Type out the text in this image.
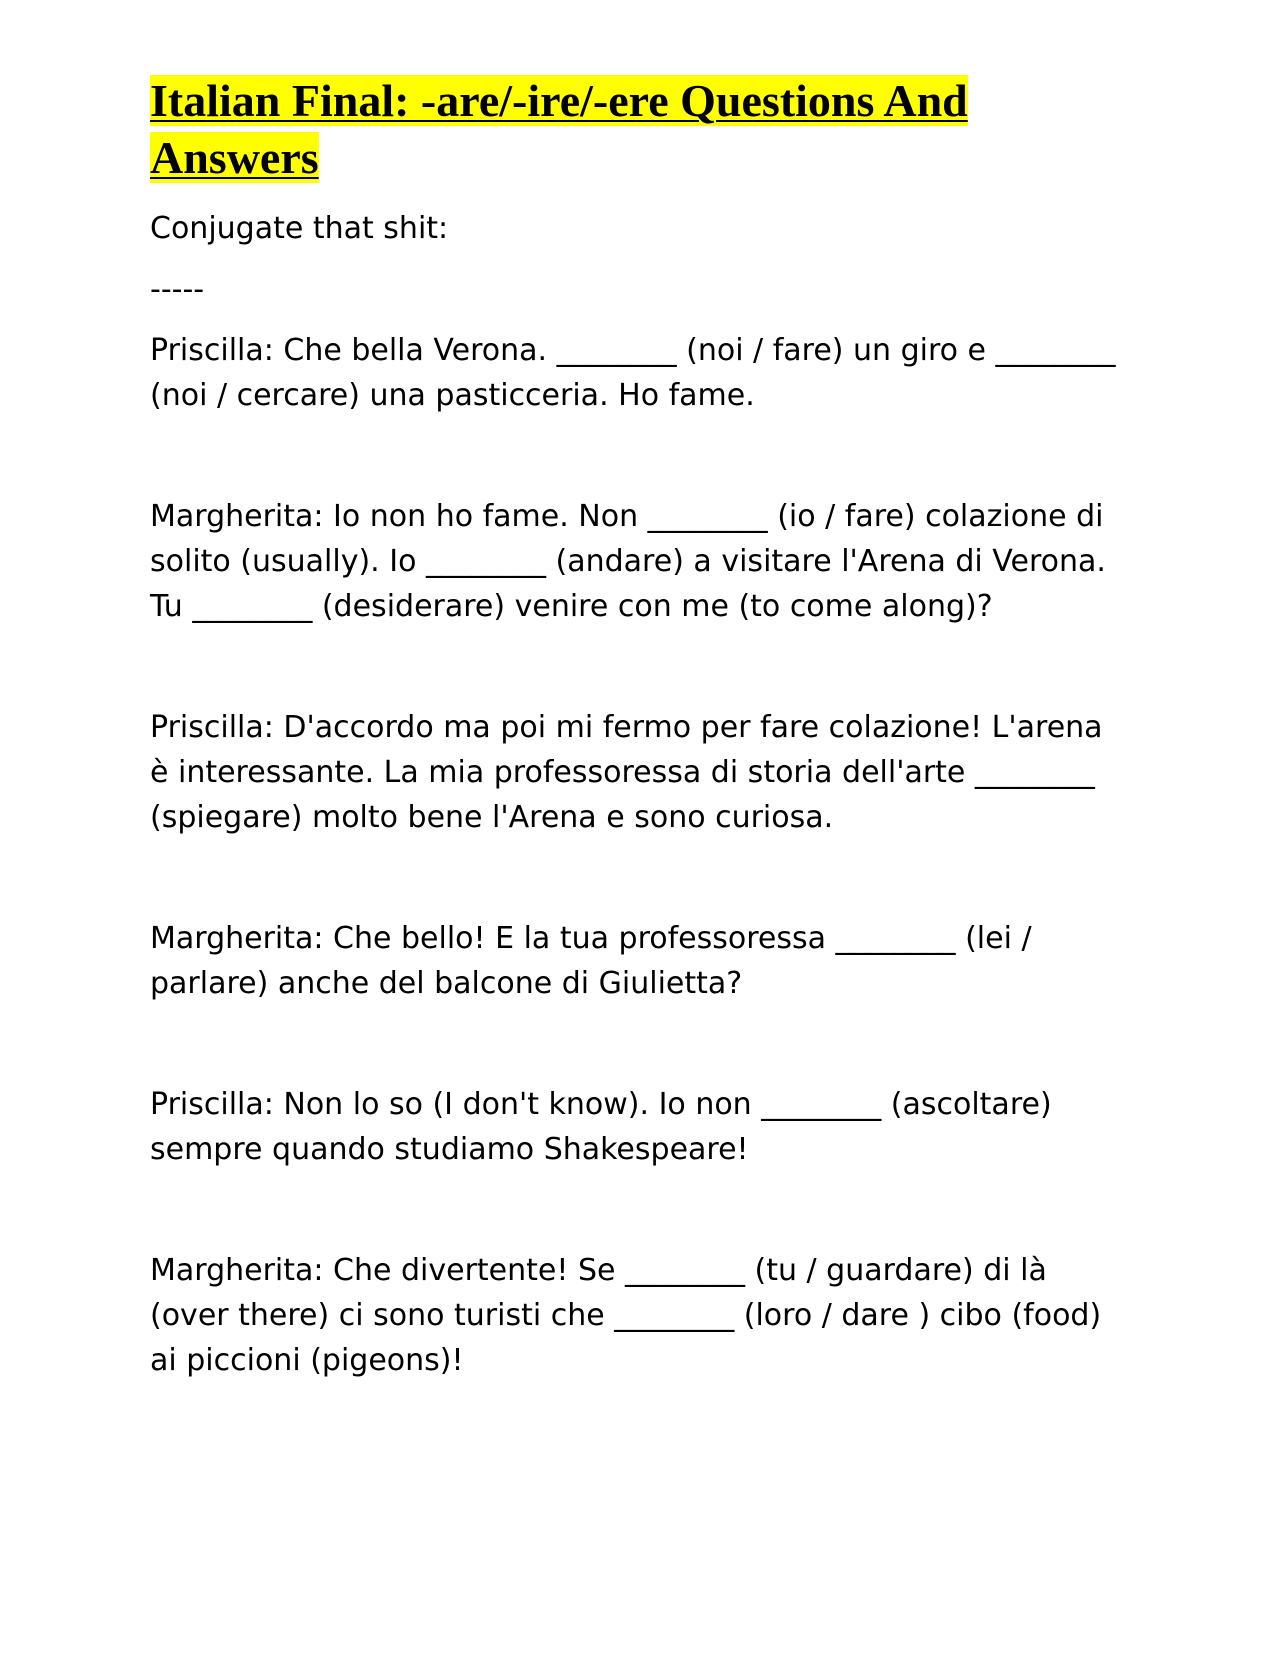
Italian Final: -are/-ire/-ere Questions And Answers

Conjugate that shit:

-----

Priscilla: Che bella Verona. ________ (noi / fare) un giro e ________ (noi / cercare) una pasticceria. Ho fame.

Margherita: Io non ho fame. Non ________ (io / fare) colazione di solito (usually). Io ________ (andare) a visitare l'Arena di Verona. Tu ________ (desiderare) venire con me (to come along)?

Priscilla: D'accordo ma poi mi fermo per fare colazione! L'arena è interessante. La mia professoressa di storia dell'arte ________ (spiegare) molto bene l'Arena e sono curiosa.

Margherita: Che bello! E la tua professoressa ________ (lei / parlare) anche del balcone di Giulietta?

Priscilla: Non lo so (I don't know). Io non ________ (ascoltare) sempre quando studiamo Shakespeare!

Margherita: Che divertente! Se ________ (tu / guardare) di là (over there) ci sono turisti che ________ (loro / dare ) cibo (food) ai piccioni (pigeons)!
